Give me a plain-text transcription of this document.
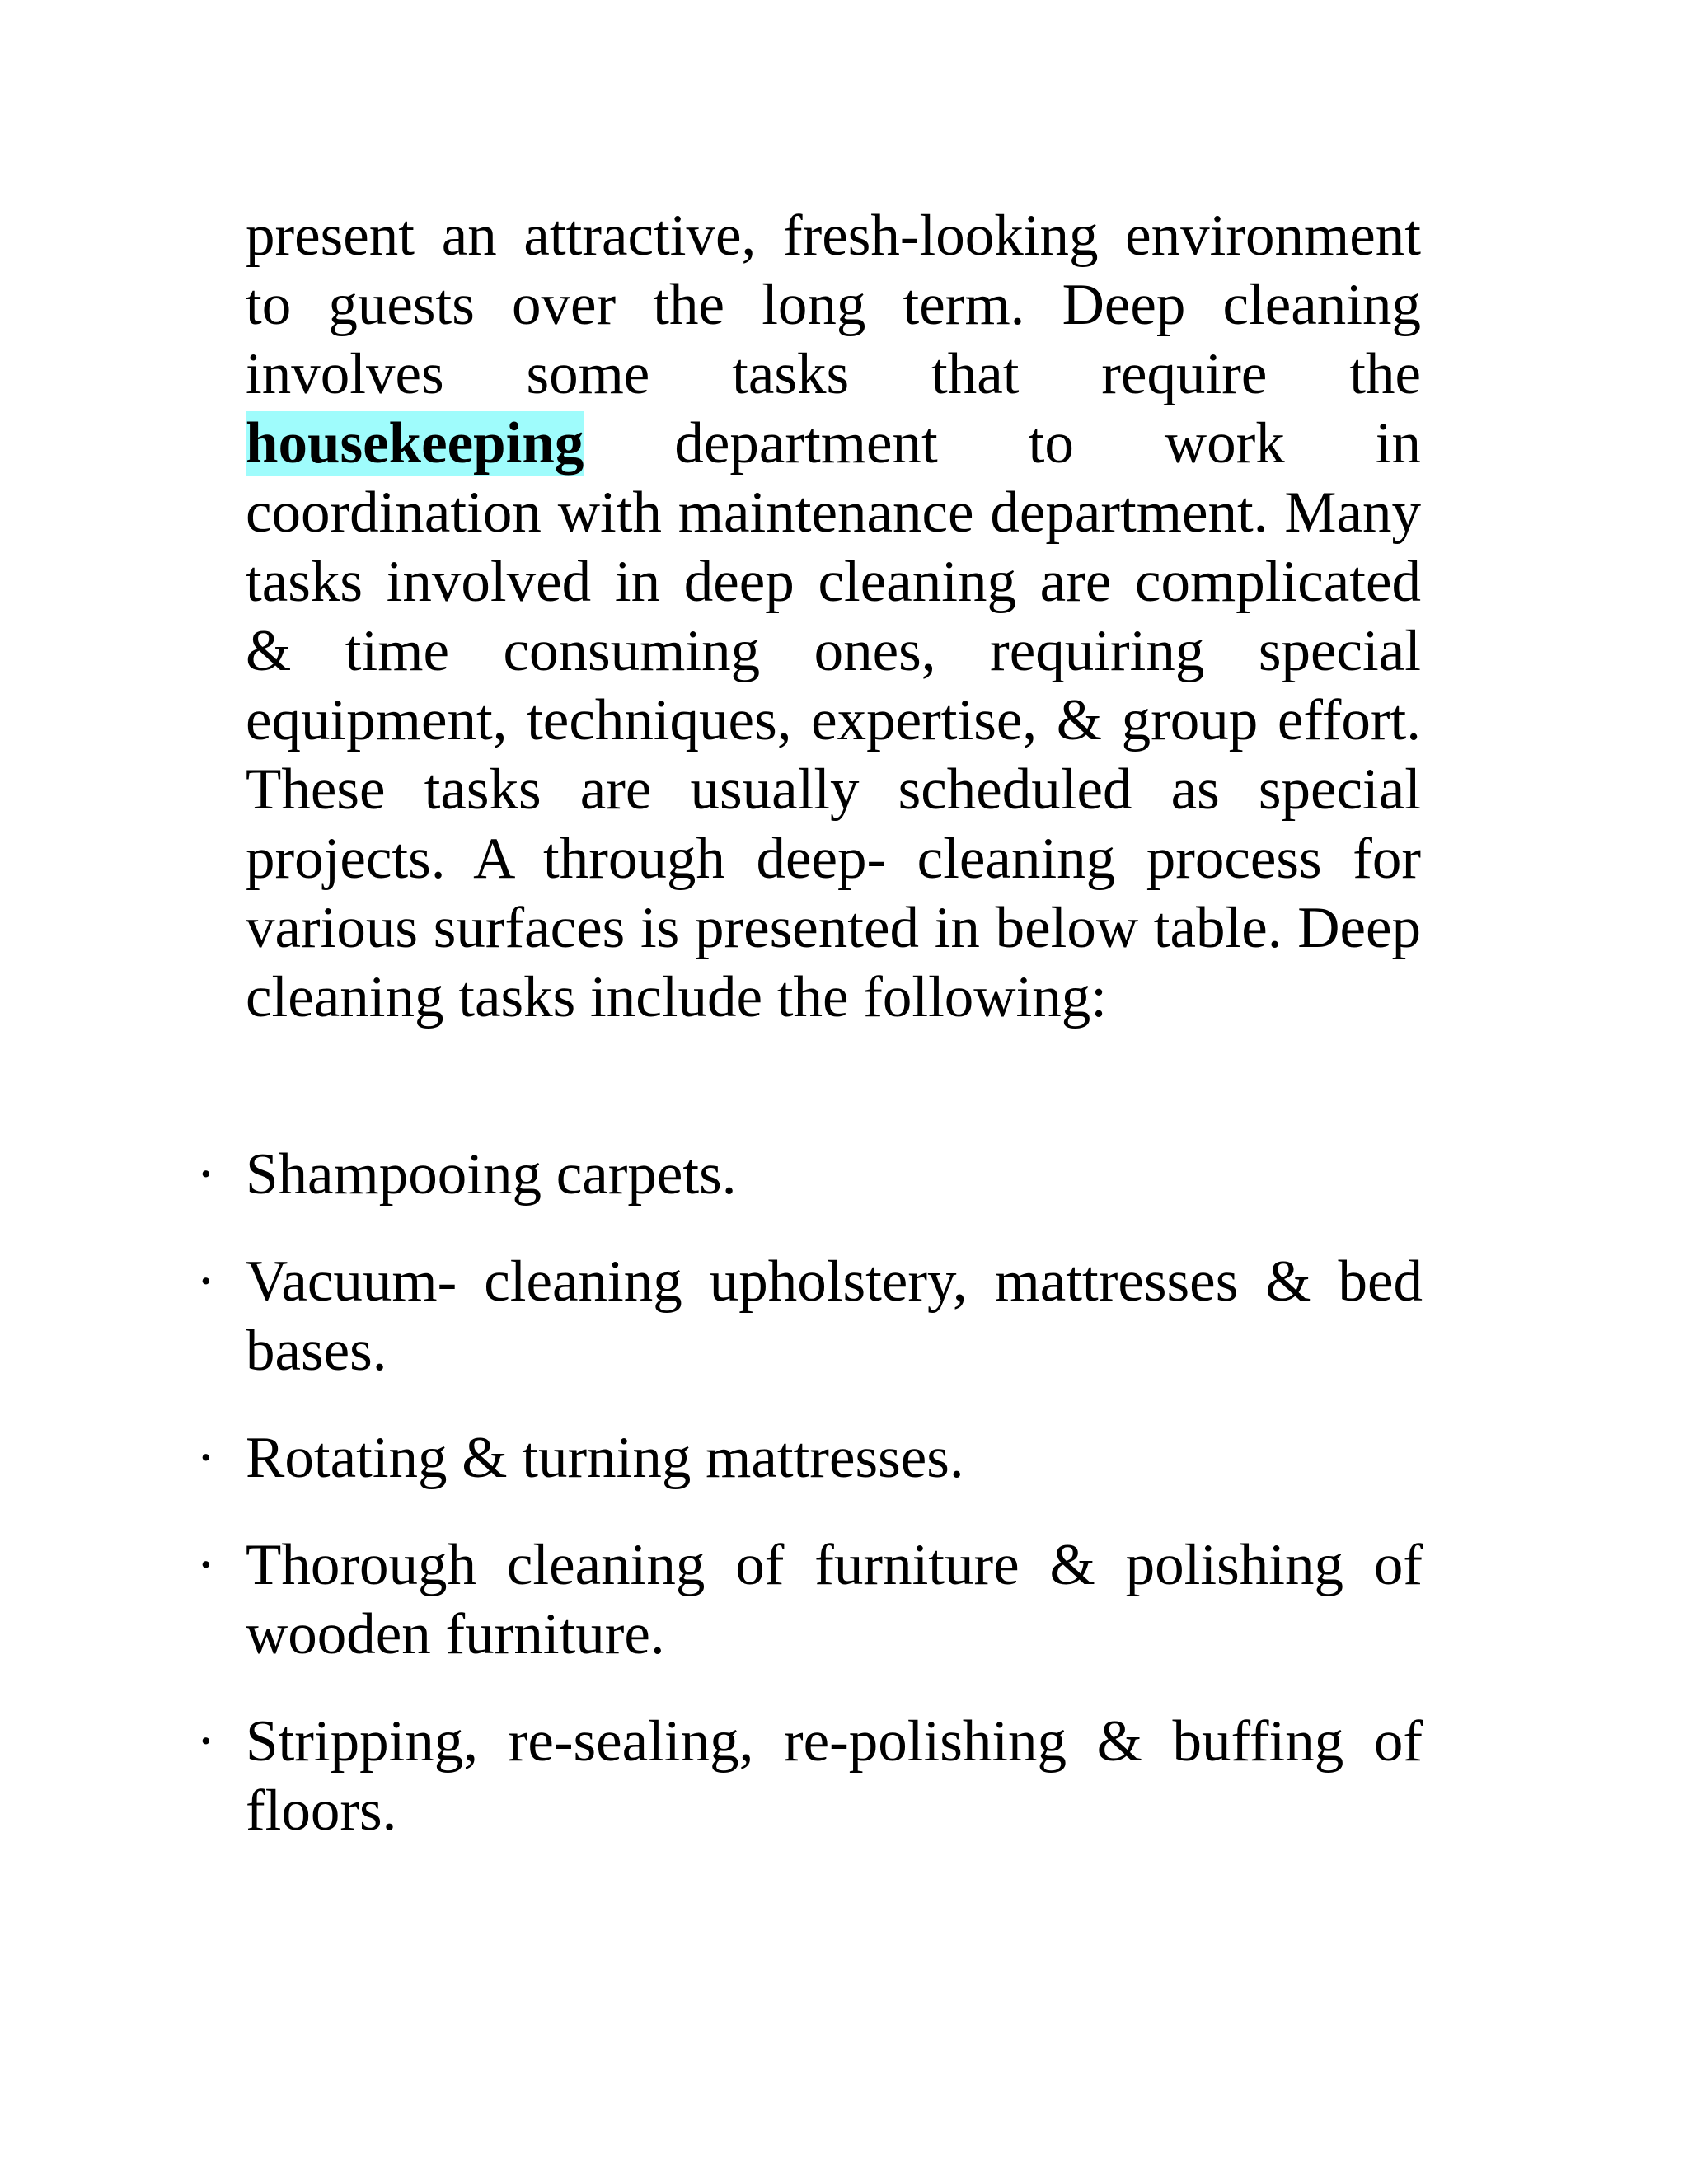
present an attractive, fresh-looking environment to guests over the long term. Deep cleaning involves some tasks that require the housekeeping department to work in coordination with maintenance department. Many tasks involved in deep cleaning are complicated & time consuming ones, requiring special equipment, techniques, expertise, & group effort. These tasks are usually scheduled as special projects. A through deep- cleaning process for various surfaces is presented in below table. Deep cleaning tasks include the following:

· Shampooing carpets.
· Vacuum- cleaning upholstery, mattresses & bed bases.
· Rotating & turning mattresses.
· Thorough cleaning of furniture & polishing of wooden furniture.
· Stripping, re-sealing, re-polishing & buffing of floors.
